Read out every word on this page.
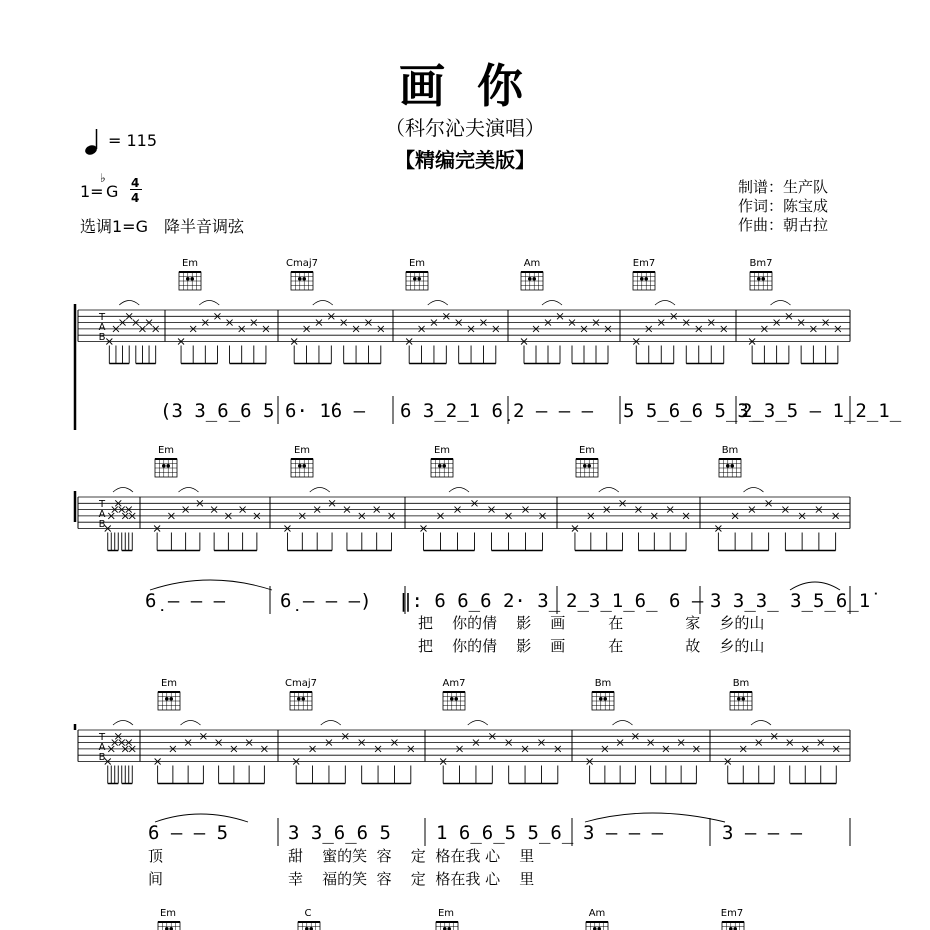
画 你
（科尔沁夫演唱）
【精编完美版】
= 115
1=
♭
G 4
4
选调1=G 降半音调弦
制谱：生产队
作词：陈宝成
作曲：朝古拉
T
A
B
T
A
B
T
A
B
Em	Cmaj7	Em	Am	Em7	Bm7
Em	Em	Em	Em	Bm
Em	Cmaj7	Am7	Bm	Bm
Em	C	Em	Am	Em7
(3 3̲6̲6 5 6· 1̇6 – 6 3̲2̲1 6̣ 2 – – – 5 5̲6̲6 5̲3̲
2̲3̲5 – 1̲2̲1̲
6̣ – – –	6̣ – – –) ‖: 6 6̲6 2· 3̲ 2̲3̲1̲6̲ 6 – 3 3̲3̲ 3̲5̲6̲1̇
把 你的倩 影 画	在	家 乡的山
把 你的倩 影 画	在	故 乡的山
6 – – 5	3 3̲6̲6 5 1 6̲6̲5 5̲6̲ 3 – – –	3 – – –
顶	甜 蜜的笑 容 定 格在我 心 里
间	幸 福的笑 容 定 格在我 心 里
